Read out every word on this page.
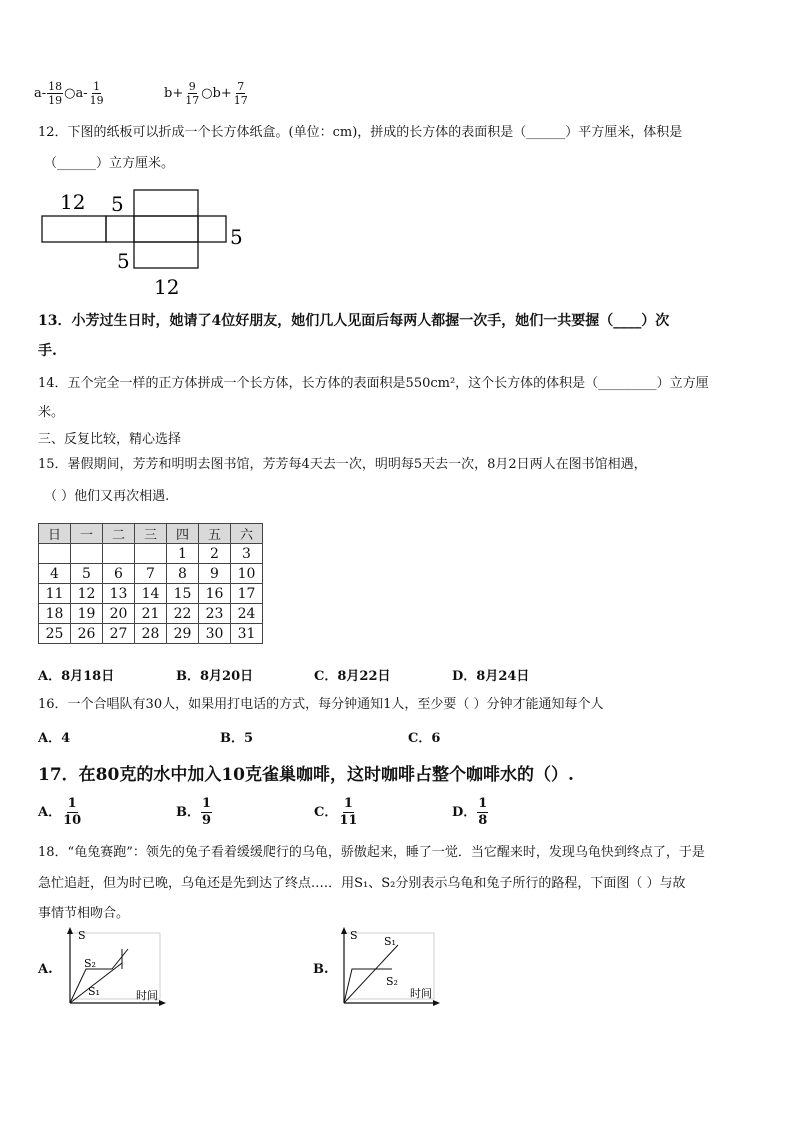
$a- \frac{18}{19}$ ○a- $\frac{1}{19}$	$b+ \frac{9}{17}$ ○b+ $\frac{7}{17}$
12．下图的纸板可以折成一个长方体纸盒。(单位：cm)，拼成的长方体的表面积是（______）平方厘米，体积是
（______）立方厘米。
12 5
5
5
12
13．小芳过生日时，她请了4位好朋友，她们几人见面后每两人都握一次手，她们一共要握（____）次
手.
14．五个完全一样的正方体拼成一个长方体，长方体的表面积是550cm²，这个长方体的体积是（_________）立方厘
米。
三、反复比较，精心选择
15．暑假期间，芳芳和明明去图书馆，芳芳每4天去一次，明明每5天去一次，8月2日两人在图书馆相遇，
（ ）他们又再次相遇.
日	一	二	三	四	五	六
				1	2	3
4	5	6	7	8	9	10
11	12	13	14	15	16	17
18	19	20	21	22	23	24
25	26	27	28	29	30	31
A．8月18日	B．8月20日	C．8月22日	D．8月24日
16．一个合唱队有30人，如果用打电话的方式，每分钟通知1人，至少要（ ）分钟才能通知每个人
A．4	B．5	C．6
17．在80克的水中加入10克雀巢咖啡，这时咖啡占整个咖啡水的（）.
A． $\frac{1}{10}$	B． $\frac{1}{9}$	C． $\frac{1}{11}$	D． $\frac{1}{8}$
18．“龟兔赛跑”：领先的兔子看着缓缓爬行的乌龟，骄傲起来，睡了一觉．当它醒来时，发现乌龟快到终点了，于是
急忙追赶，但为时已晚，乌龟还是先到达了终点.…．用S₁、S₂分别表示乌龟和兔子所行的路程，下面图（ ）与故
事情节相吻合。
A.
S
S₂
S₁	时间
B.
S S₁
S₂
时间
